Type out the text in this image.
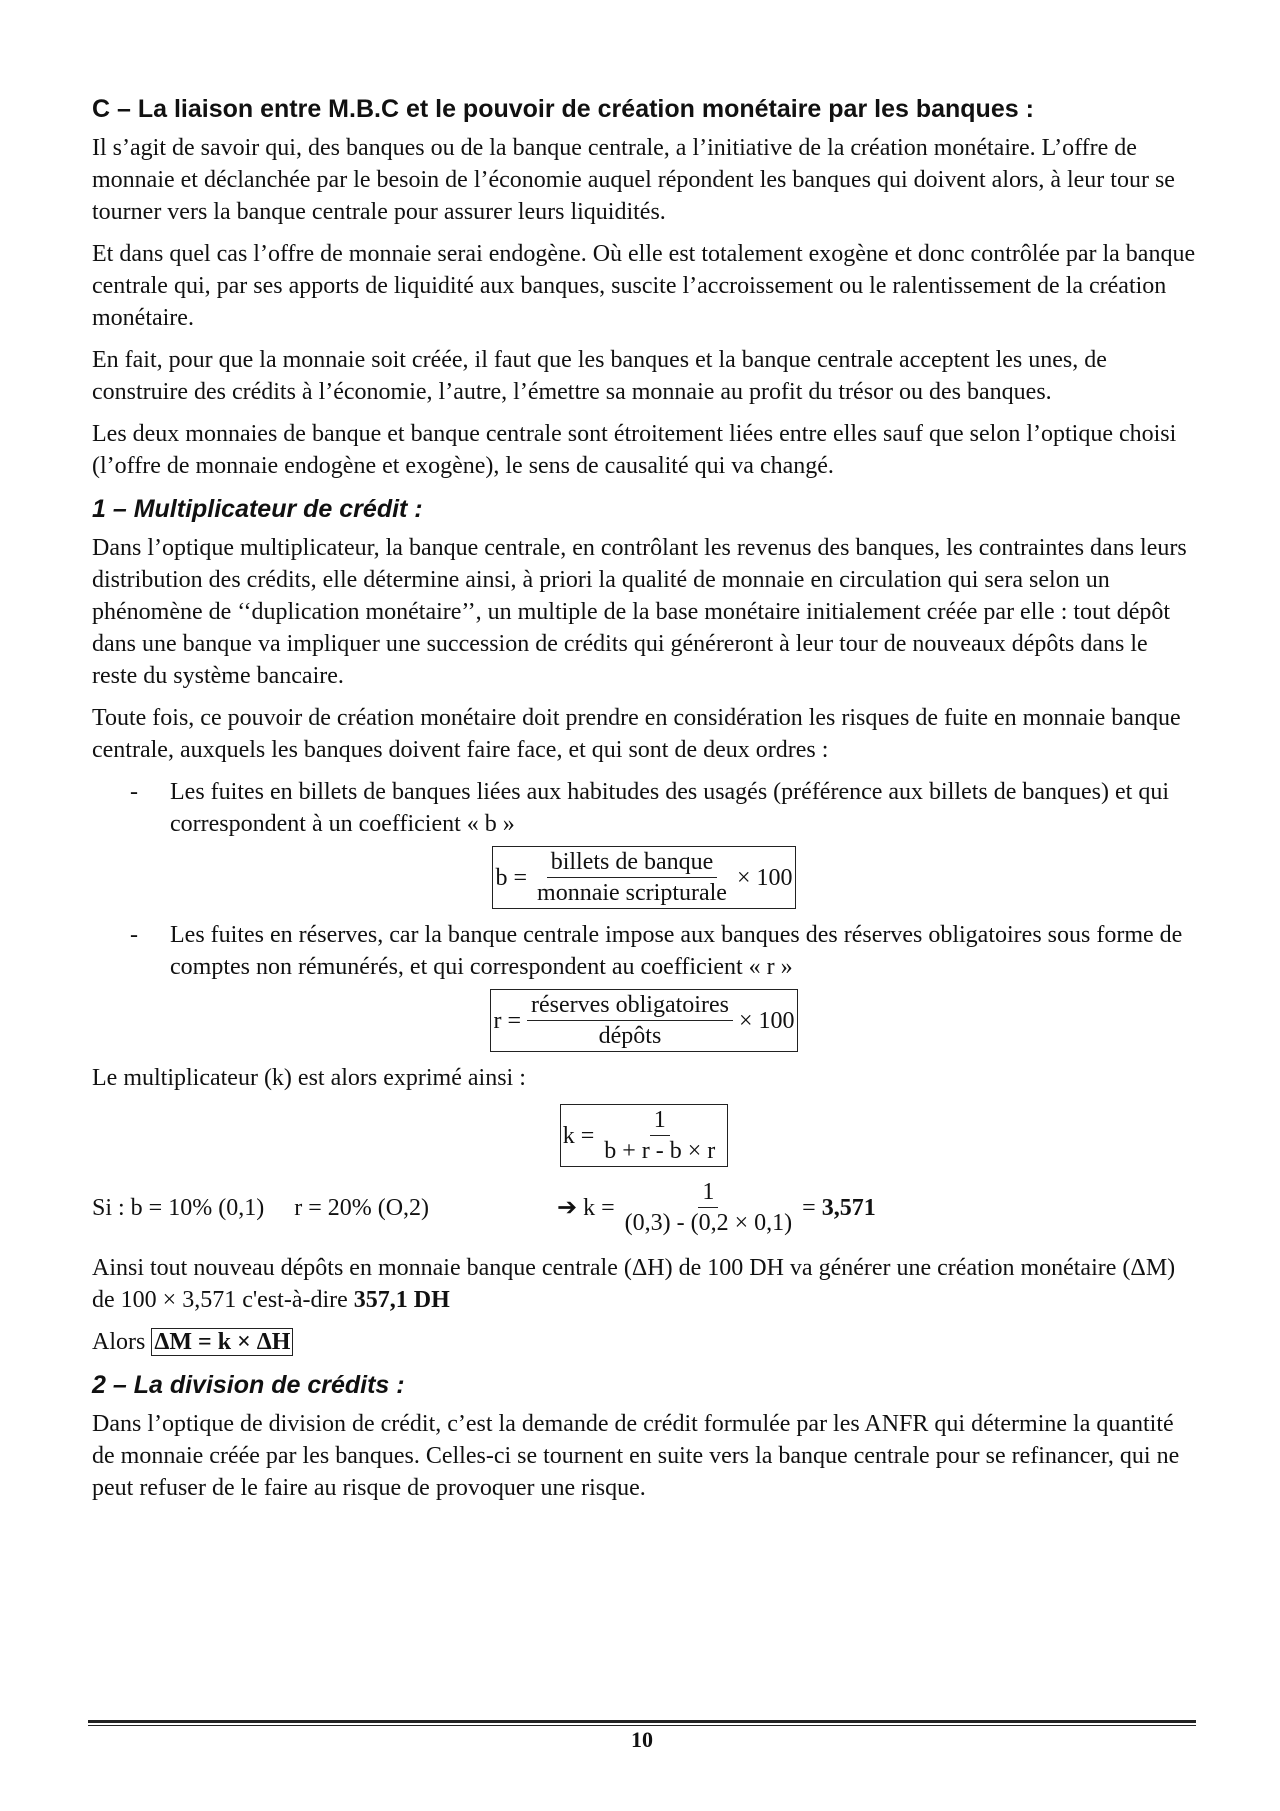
C – La liaison entre M.B.C et le pouvoir de création monétaire par les banques :

Il s’agit de savoir qui, des banques ou de la banque centrale, a l’initiative de la création monétaire. L’offre de monnaie et déclanchée par le besoin de l’économie auquel répondent les banques qui doivent alors, à leur tour se tourner vers la banque centrale pour assurer leurs liquidités.

Et dans quel cas l’offre de monnaie serai endogène. Où elle est totalement exogène et donc contrôlée par la banque centrale qui, par ses apports de liquidité aux banques, suscite l’accroissement ou le ralentissement de la création monétaire.

En fait, pour que la monnaie soit créée, il faut que les banques et la banque centrale acceptent les unes, de construire des crédits à l’économie, l’autre, l’émettre sa monnaie au profit du trésor ou des banques.

Les deux monnaies de banque et banque centrale sont étroitement liées entre elles sauf que selon l’optique choisi (l’offre de monnaie endogène et exogène), le sens de causalité qui va changé.

1 – Multiplicateur de crédit :

Dans l’optique multiplicateur, la banque centrale, en contrôlant les revenus des banques, les contraintes dans leurs distribution des crédits, elle détermine ainsi, à priori la qualité de monnaie en circulation qui sera selon un phénomène de ‘‘duplication monétaire’’, un multiple de la base monétaire initialement créée par elle : tout dépôt dans une banque va impliquer une succession de crédits qui généreront à leur tour de nouveaux dépôts dans le reste du système bancaire.

Toute fois, ce pouvoir de création monétaire doit prendre en considération les risques de fuite en monnaie banque centrale, auxquels les banques doivent faire face, et qui sont de deux ordres :

-	Les fuites en billets de banques liées aux habitudes des usagés (préférence aux billets de banques) et qui correspondent à un coefficient « b »
$b = \frac{\text{billets de banque}}{\text{monnaie scripturale}} \times 100$
-	Les fuites en réserves, car la banque centrale impose aux banques des réserves obligatoires sous forme de comptes non rémunérés, et qui correspondent au coefficient « r »
$r = \frac{\text{réserves obligatoires}}{\text{dépôts}} \times 100$

Le multiplicateur (k) est alors exprimé ainsi :

$k = \frac{1}{b + r - b \times r}$
Si : b = 10% (0,1)     r = 20% (O,2)	➔ $k = \frac{1}{(0,3) - (0,2 \times 0,1)}$ =
3,571

Ainsi tout nouveau dépôts en monnaie banque centrale (ΔH) de 100 DH va générer une création monétaire (ΔM) de 100 × 3,571 c'est-à-dire 357,1 DH

Alors ΔM = k × ΔH

2 – La division de crédits :

Dans l’optique de division de crédit, c’est la demande de crédit formulée par les ANFR qui détermine la quantité de monnaie créée par les banques. Celles-ci se tournent en suite vers la banque centrale pour se refinancer, qui ne peut refuser de le faire au risque de provoquer une risque.

10
